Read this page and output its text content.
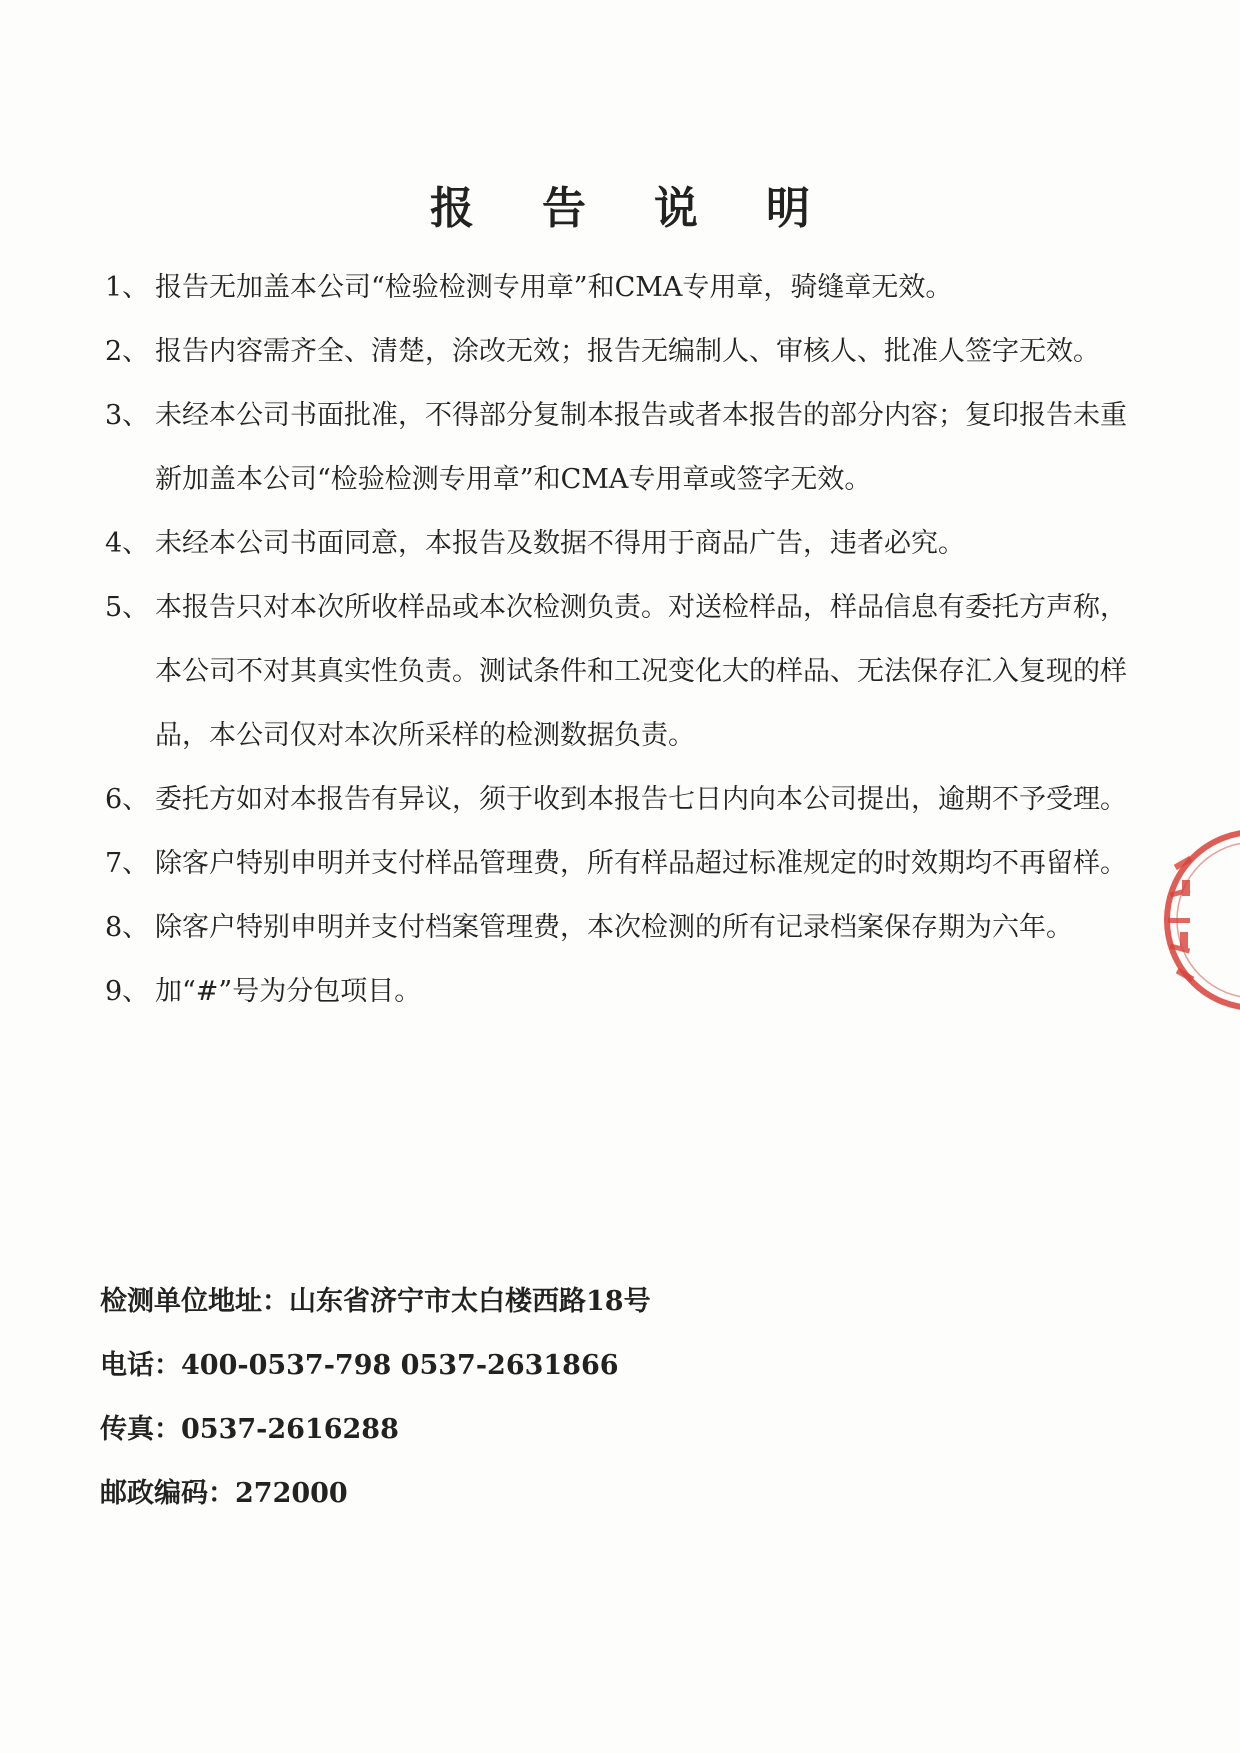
报 告 说 明

1、 报告无加盖本公司“检验检测专用章”和CMA专用章，骑缝章无效。

2、 报告内容需齐全、清楚，涂改无效；报告无编制人、审核人、批准人签字无效。

3、 未经本公司书面批准，不得部分复制本报告或者本报告的部分内容；复印报告未重新加盖本公司“检验检测专用章”和CMA专用章或签字无效。

4、 未经本公司书面同意，本报告及数据不得用于商品广告，违者必究。

5、 本报告只对本次所收样品或本次检测负责。对送检样品，样品信息有委托方声称，本公司不对其真实性负责。测试条件和工况变化大的样品、无法保存汇入复现的样品，本公司仅对本次所采样的检测数据负责。

6、 委托方如对本报告有异议，须于收到本报告七日内向本公司提出，逾期不予受理。

7、 除客户特别申明并支付样品管理费，所有样品超过标准规定的时效期均不再留样。

8、 除客户特别申明并支付档案管理费，本次检测的所有记录档案保存期为六年。

9、 加“#”号为分包项目。

检测单位地址：山东省济宁市太白楼西路18号
电话：400-0537-798 0537-2631866
传真：0537-2616288
邮政编码：272000
